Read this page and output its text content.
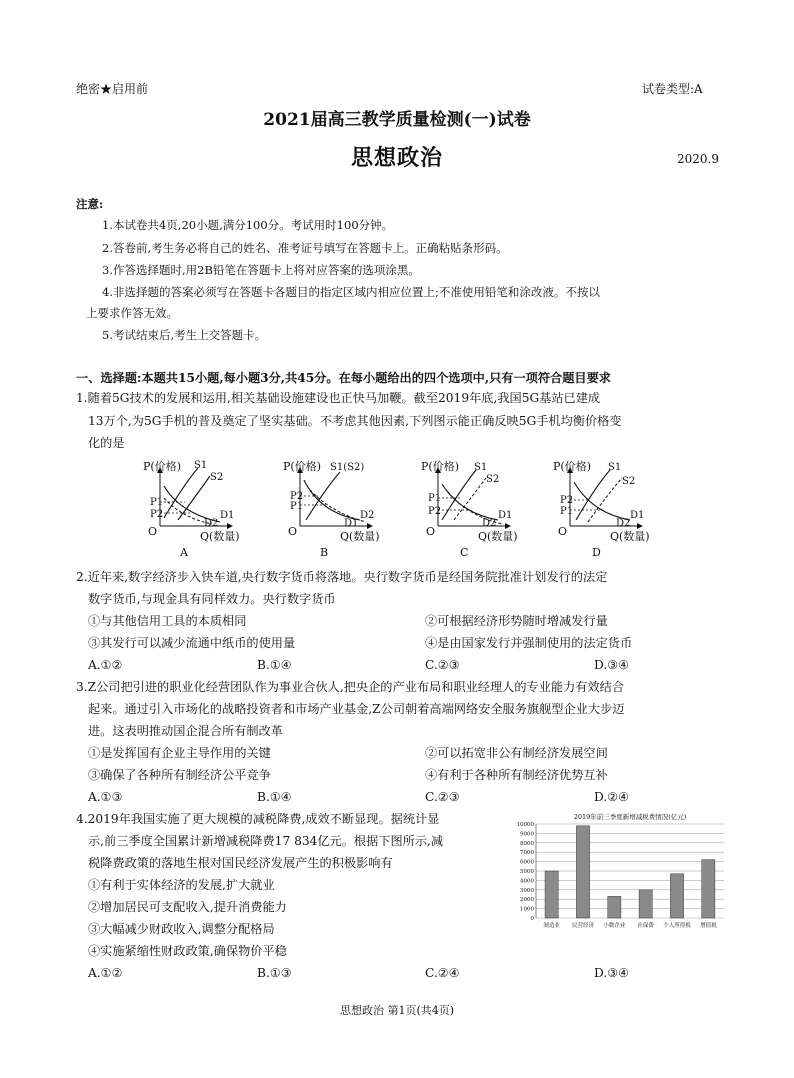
绝密★启用前	试卷类型:A
2021届高三教学质量检测(一)试卷
思想政治	2020.9
注意:
1.本试卷共4页,20小题,满分100分。考试用时100分钟。
2.答卷前,考生务必将自己的姓名、准考证号填写在答题卡上。正确粘贴条形码。
3.作答选择题时,用2B铅笔在答题卡上将对应答案的选项涂黑。
4.非选择题的答案必须写在答题卡各题目的指定区域内相应位置上;不准使用铅笔和涂改液。不按以
上要求作答无效。
5.考试结束后,考生上交答题卡。
一、选择题:本题共15小题,每小题3分,共45分。在每小题给出的四个选项中,只有一项符合题目要求
1.随着5G技术的发展和运用,相关基础设施建设也正快马加鞭。截至2019年底,我国5G基站已建成
13万个,为5G手机的普及奠定了坚实基础。不考虑其他因素,下列图示能正确反映5G手机均衡价格变
化的是
P(价格) S1
S2
P1
P2	D1
D2
O	Q(数量)
A
P(价格) S1(S2)
P2
P1
D2
D1
O	Q(数量)
B
P(价格) S1
S2
P1
P2	D1
D2
O	Q(数量)
C
P(价格) S1
S2
P2
P1	D1
D2
O	Q(数量)
D
2.近年来,数字经济步入快车道,央行数字货币将落地。央行数字货币是经国务院批准计划发行的法定
数字货币,与现金具有同样效力。央行数字货币
①与其他信用工具的本质相同	②可根据经济形势随时增减发行量
③其发行可以减少流通中纸币的使用量	④是由国家发行并强制使用的法定货币
A.①②	B.①④	C.②③	D.③④
3.Z公司把引进的职业化经营团队作为事业合伙人,把央企的产业布局和职业经理人的专业能力有效结合
起来。通过引入市场化的战略投资者和市场产业基金,Z公司朝着高端网络安全服务旗舰型企业大步迈
进。这表明推动国企混合所有制改革
①是发挥国有企业主导作用的关键	②可以拓宽非公有制经济发展空间
③确保了各种所有制经济公平竞争	④有利于各种所有制经济优势互补
A.①③	B.①④	C.②③	D.②④
4.2019年我国实施了更大规模的减税降费,成效不断显现。据统计显
示,前三季度全国累计新增减税降费17 834亿元。根据下图所示,减
税降费政策的落地生根对国民经济发展产生的积极影响有
①有利于实体经济的发展,扩大就业
②增加居民可支配收入,提升消费能力
③大幅减少财政收入,调整分配格局
④实施紧缩性财政政策,确保物价平稳
A.①②	B.①③	C.②④	D.③④
2019年前三季度新增减税费情况(亿元)
0
1000
2000
3000
4000
5000
6000
7000
8000
9000
10000
制造业 民营经济 小微企业 社保费 个人所得税 增值税
思想政治 第1页(共4页)
